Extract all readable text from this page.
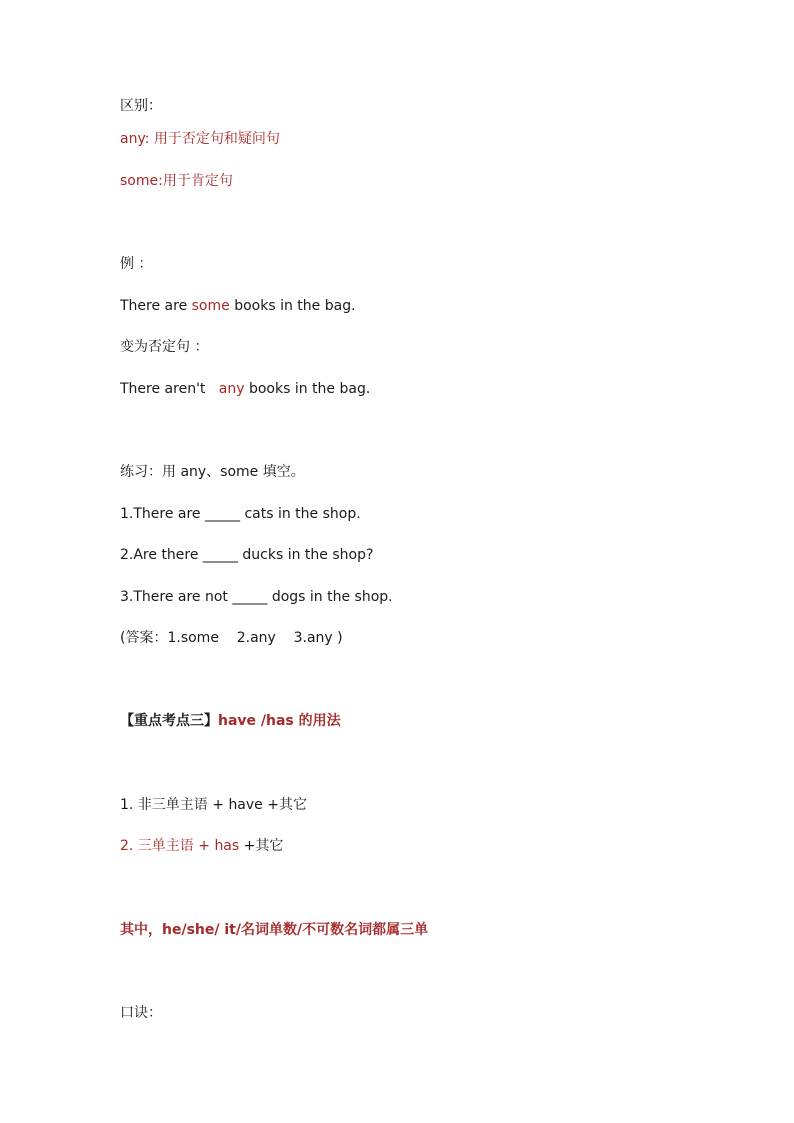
区别：
any: 用于否定句和疑问句
some:用于肯定句
例 ：
There are some books in the bag.
变为否定句 ：
There aren't   any books in the bag.
练习：用 any、some 填空。
1.There are _____ cats in the shop.
2.Are there _____ ducks in the shop?
3.There are not _____ dogs in the shop.
(答案：1.some    2.any    3.any )
【重点考点三】have /has 的用法
1. 非三单主语 + have +其它
2. 三单主语 + has +其它
其中，he/she/ it/名词单数/不可数名词都属三单
口诀：
